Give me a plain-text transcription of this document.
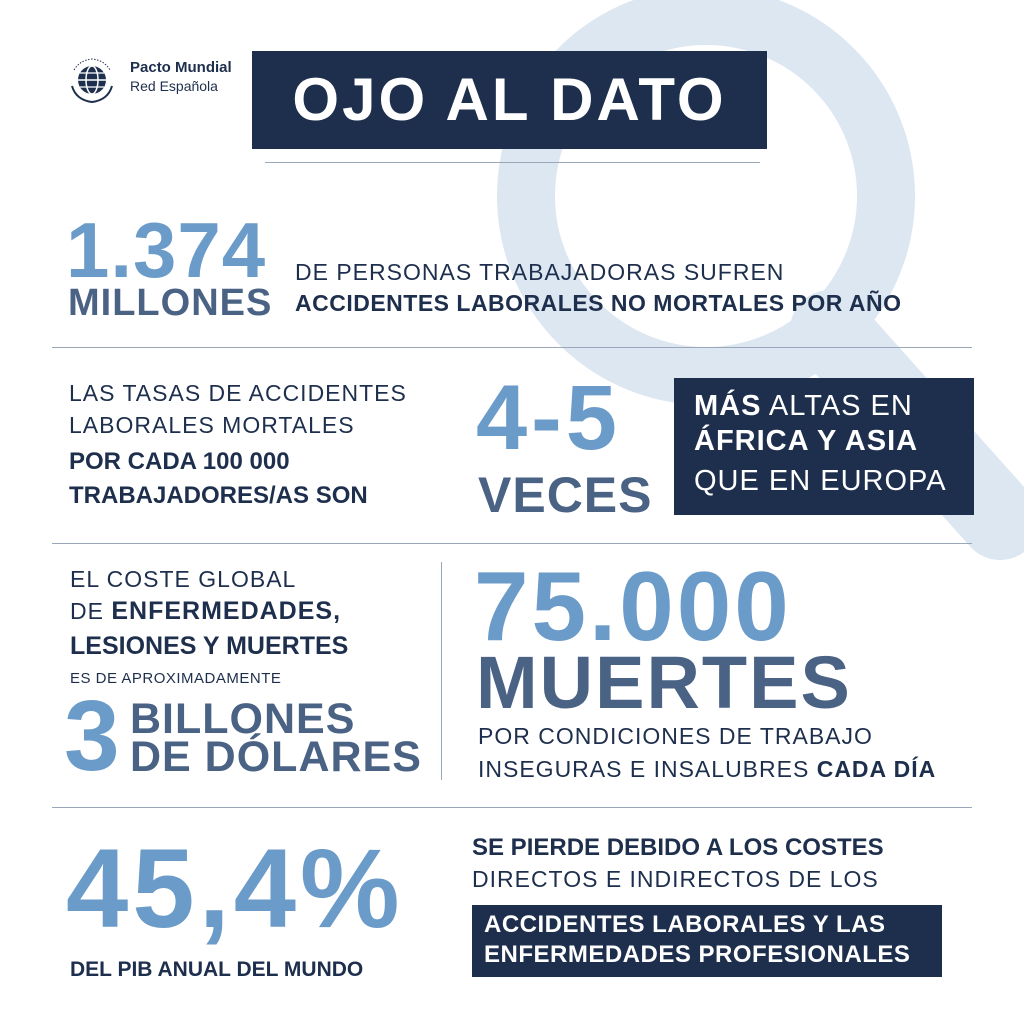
Pacto Mundial
Red Española	OJO AL DATO
1.374
MILLONES
DE PERSONAS TRABAJADORAS SUFREN
ACCIDENTES LABORALES NO MORTALES POR AÑO
LAS TASAS DE ACCIDENTES
LABORALES MORTALES
POR CADA 100 000
TRABAJADORES/AS SON
4-5
VECES
MÁS ALTAS EN
ÁFRICA Y ASIA
QUE EN EUROPA
EL COSTE GLOBAL
DE ENFERMEDADES,
LESIONES Y MUERTES
ES DE APROXIMADAMENTE
3 BILLONES
DE DÓLARES
75.000
MUERTES
POR CONDICIONES DE TRABAJO
INSEGURAS E INSALUBRES CADA DÍA
45,4%
DEL PIB ANUAL DEL MUNDO
SE PIERDE DEBIDO A LOS COSTES
DIRECTOS E INDIRECTOS DE LOS
ACCIDENTES LABORALES Y LAS
ENFERMEDADES PROFESIONALES
